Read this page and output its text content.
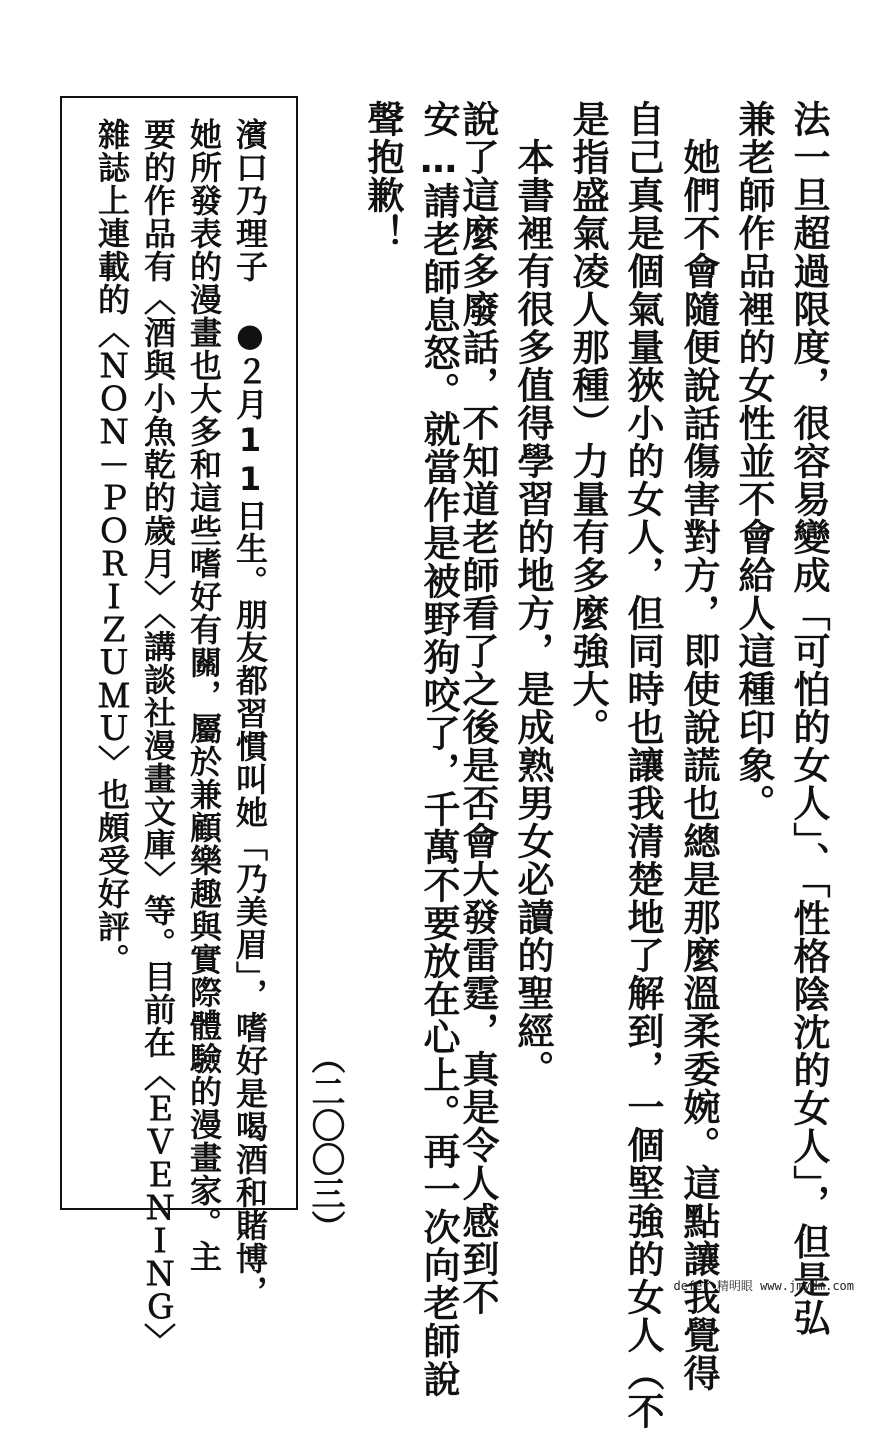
法一旦超過限度，很容易變成「可怕的女人」、「性格陰沈的女人」，但是弘
兼老師作品裡的女性並不會給人這種印象。
　她們不會隨便說話傷害對方，即使說謊也總是那麼溫柔委婉。這點讓我覺得
自己真是個氣量狹小的女人，但同時也讓我清楚地了解到，一個堅強的女人（不
是指盛氣凌人那種）力量有多麼強大。
　本書裡有很多值得學習的地方，是成熟男女必讀的聖經。
說了這麼多廢話，不知道老師看了之後是否會大發雷霆，真是令人感到不
安…請老師息怒。就當作是被野狗咬了，千萬不要放在心上。再一次向老師說
聲抱歉！
（二〇〇三）
濱口乃理子　●２月11日生。朋友都習慣叫她「乃美眉」，嗜好是喝酒和賭博，
她所發表的漫畫也大多和這些嗜好有關，屬於兼顧樂趣與實際體驗的漫畫家。主
要的作品有〈酒與小魚乾的歲月〉〈講談社漫畫文庫〉等。目前在〈ＥＶＥＮＩＮＧ〉
雜誌上連載的〈ＮＯＮ－ＰＯＲＩＺＵＭＵ〉也頗受好評。
defer 精明眼 www.jmydm.com
